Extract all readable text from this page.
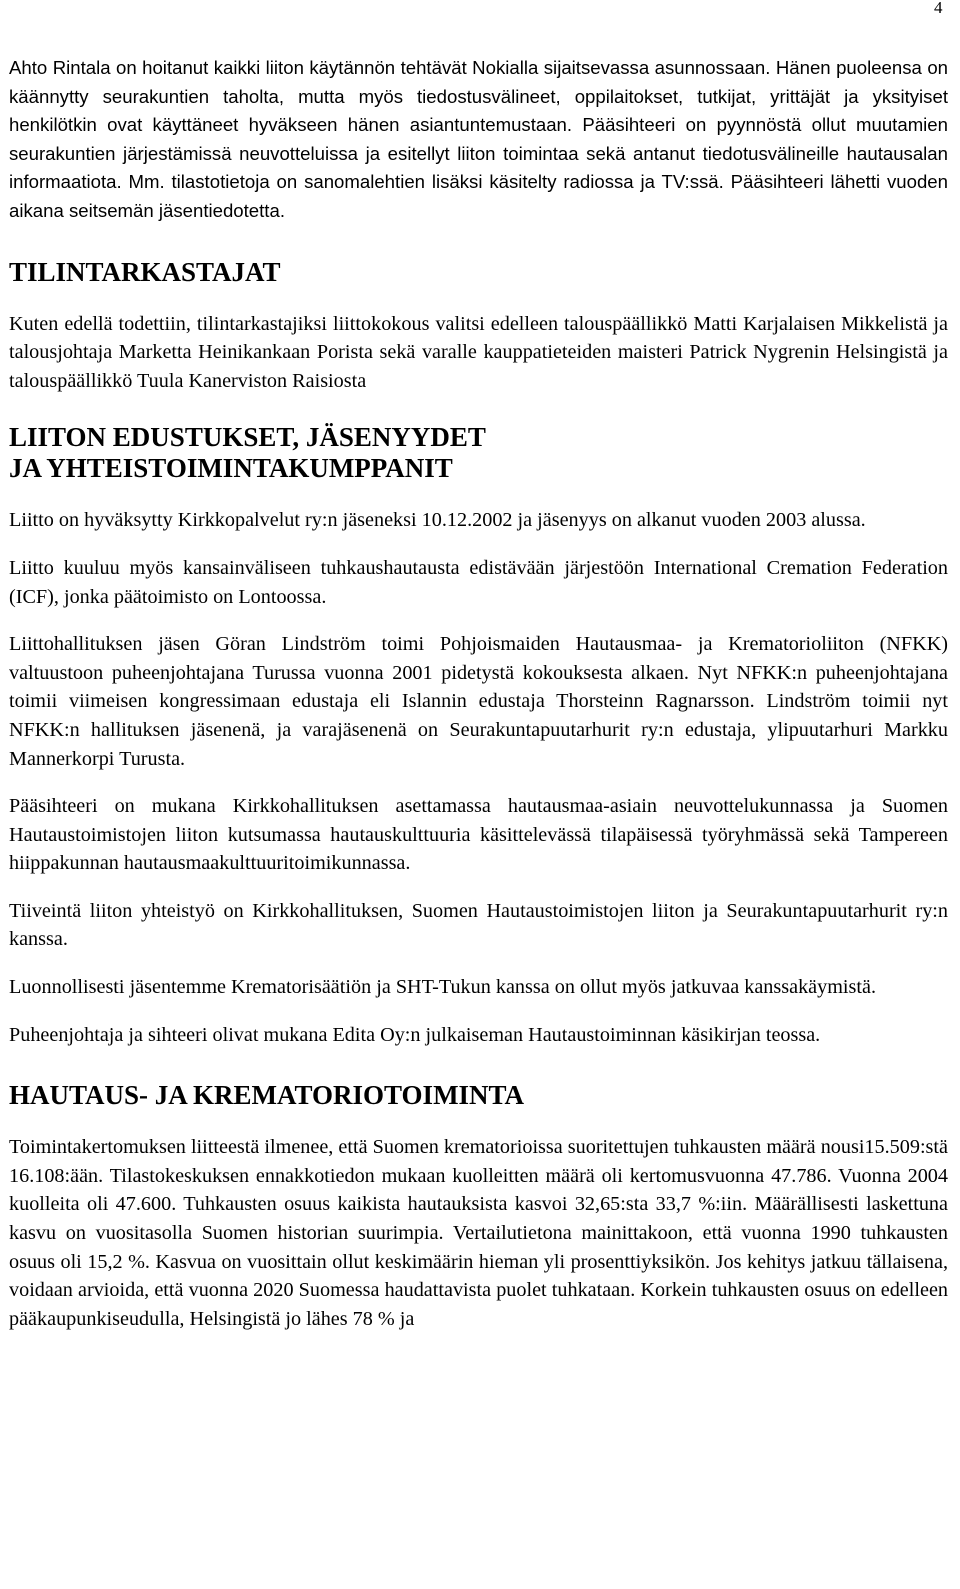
4

Ahto Rintala on hoitanut kaikki liiton käytännön tehtävät Nokialla sijaitsevassa asunnossaan. Hänen puoleensa on käännytty seurakuntien taholta, mutta myös tiedostusvälineet, oppilaitokset, tutkijat, yrittäjät ja yksityiset henkilötkin ovat käyttäneet hyväkseen hänen asiantuntemustaan. Pääsihteeri on pyynnöstä ollut muutamien seurakuntien järjestämissä neuvotteluissa ja esitellyt liiton toimintaa sekä antanut tiedotusvälineille hautausalan informaatiota. Mm. tilastotietoja on sanomalehtien lisäksi käsitelty radiossa ja TV:ssä. Pääsihteeri lähetti vuoden aikana seitsemän jäsentiedotetta.

TILINTARKASTAJAT

Kuten edellä todettiin, tilintarkastajiksi liittokokous valitsi edelleen talouspäällikkö Matti Karjalaisen Mikkelistä ja talousjohtaja Marketta Heinikankaan Porista sekä varalle kauppatieteiden maisteri Patrick Nygrenin Helsingistä ja talouspäällikkö Tuula Kanerviston Raisiosta

LIITON EDUSTUKSET, JÄSENYYDET
JA YHTEISTOIMINTAKUMPPANIT

Liitto on hyväksytty Kirkkopalvelut ry:n jäseneksi 10.12.2002 ja jäsenyys on alkanut vuoden 2003 alussa.

Liitto kuuluu myös kansainväliseen tuhkaushautausta edistävään järjestöön International Cremation Federation (ICF), jonka päätoimisto on Lontoossa.

Liittohallituksen jäsen Göran Lindström toimi Pohjoismaiden Hautausmaa- ja Krematorioliiton (NFKK) valtuustoon puheenjohtajana Turussa vuonna 2001 pidetystä kokouksesta alkaen. Nyt NFKK:n puheenjohtajana toimii viimeisen kongressimaan edustaja eli Islannin edustaja Thorsteinn Ragnarsson. Lindström toimii nyt NFKK:n hallituksen jäsenenä, ja varajäsenenä on Seurakuntapuutarhurit ry:n edustaja, ylipuutarhuri Markku Mannerkorpi Turusta.

Pääsihteeri on mukana Kirkkohallituksen asettamassa hautausmaa-asiain neuvottelukunnassa ja Suomen Hautaustoimistojen liiton kutsumassa hautauskulttuuria käsittelevässä tilapäisessä työryhmässä sekä Tampereen hiippakunnan hautausmaakulttuuritoimikunnassa.

Tiiveintä liiton yhteistyö on Kirkkohallituksen, Suomen Hautaustoimistojen liiton ja Seurakuntapuutarhurit ry:n kanssa.

Luonnollisesti jäsentemme Krematorisäätiön ja SHT-Tukun kanssa on ollut myös jatkuvaa kanssakäymistä.

Puheenjohtaja ja sihteeri olivat mukana Edita Oy:n julkaiseman Hautaustoiminnan käsikirjan teossa.

HAUTAUS- JA KREMATORIOTOIMINTA

Toimintakertomuksen liitteestä ilmenee, että Suomen krematorioissa suoritettujen tuhkausten määrä nousi15.509:stä 16.108:ään. Tilastokeskuksen ennakkotiedon mukaan kuolleitten määrä oli kertomusvuonna 47.786. Vuonna 2004 kuolleita oli 47.600. Tuhkausten osuus kaikista hautauksista kasvoi 32,65:sta 33,7 %:iin. Määrällisesti laskettuna kasvu on vuositasolla Suomen historian suurimpia. Vertailutietona mainittakoon, että vuonna 1990 tuhkausten osuus oli 15,2 %. Kasvua on vuosittain ollut keskimäärin hieman yli prosenttiyksikön. Jos kehitys jatkuu tällaisena, voidaan arvioida, että vuonna 2020 Suomessa haudattavista puolet tuhkataan. Korkein tuhkausten osuus on edelleen pääkaupunkiseudulla, Helsingistä jo lähes 78 % ja
